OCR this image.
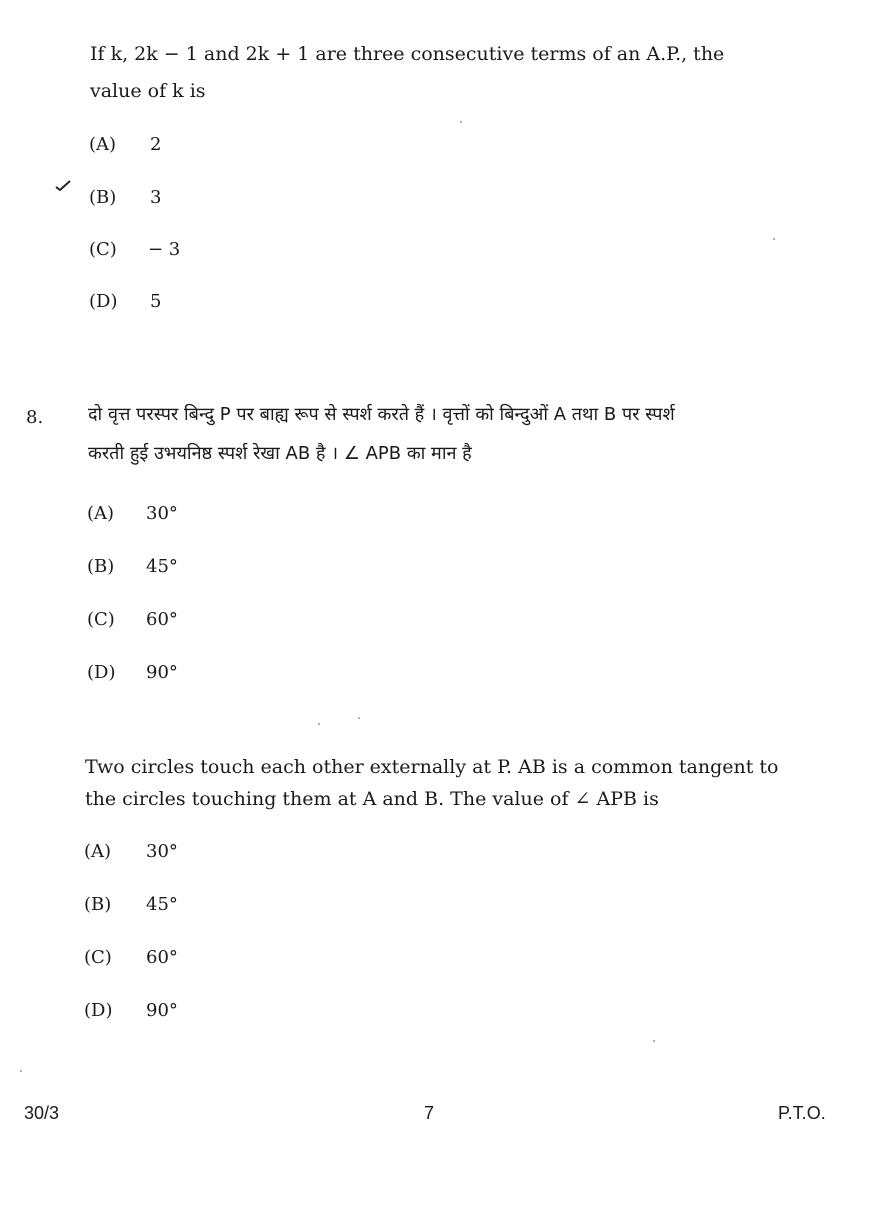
If k, 2k − 1 and 2k + 1 are three consecutive terms of an A.P., the
value of k is
(A) 2
(B) 3
(C) − 3
(D) 5
8. दो वृत्त परस्पर बिन्दु P पर बाह्य रूप से स्पर्श करते हैं । वृत्तों को बिन्दुओं A तथा B पर स्पर्श
करती हुई उभयनिष्ठ स्पर्श रेखा AB है । ∠ APB का मान है
(A) 30°
(B) 45°
(C) 60°
(D) 90°
Two circles touch each other externally at P. AB is a common tangent to
the circles touching them at A and B. The value of ∠ APB is
(A) 30°
(B) 45°
(C) 60°
(D) 90°
30/3	7	P.T.O.
